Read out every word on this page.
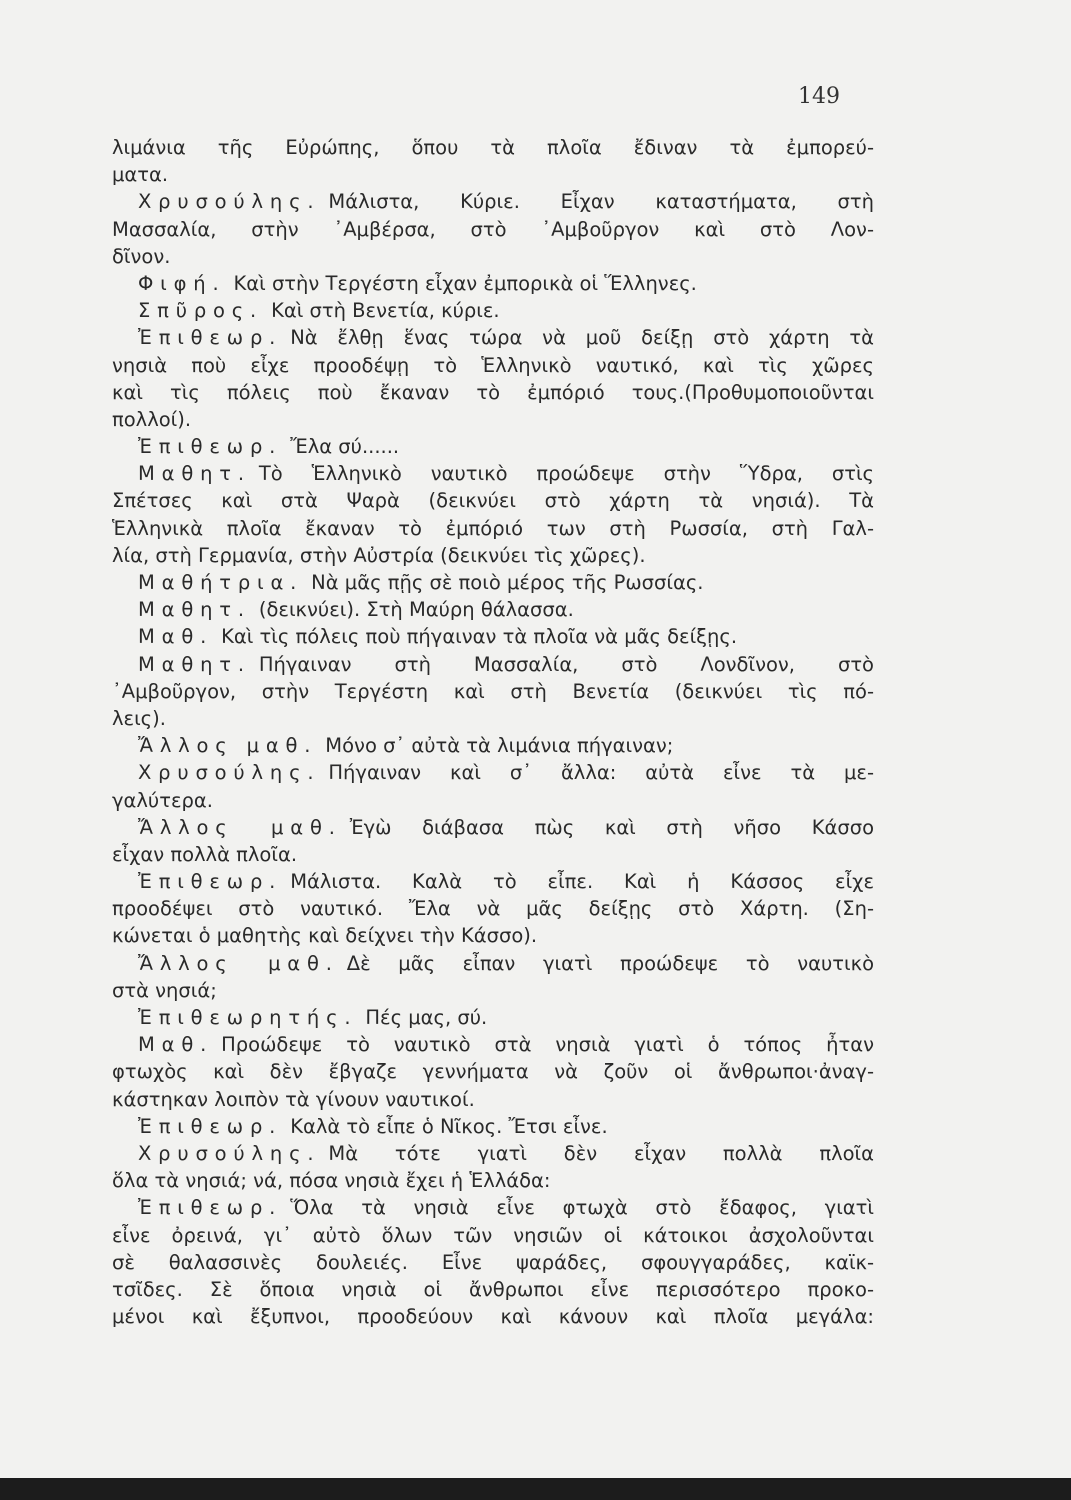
149
λιμάνια τῆς Εὐρώπης, ὅπου τὰ πλοῖα ἔδιναν τὰ ἐμπορεύ-
ματα.
Χρυσούλης. Μάλιστα, Κύριε. Εἶχαν καταστήματα, στὴ
Μασσαλία, στὴν ᾿Αμβέρσα, στὸ ᾿Αμβοῦργον καὶ στὸ Λον-
δῖνον.
Φιφή. Καὶ στὴν Τεργέστη εἶχαν ἐμπορικὰ οἱ Ἕλληνες.
Σπῦρος. Καὶ στὴ Βενετία, κύριε.
Ἐπιθεωρ. Νὰ ἔλθῃ ἕνας τώρα νὰ μοῦ δείξῃ στὸ χάρτη τὰ
νησιὰ ποὺ εἶχε προοδέψῃ τὸ Ἑλληνικὸ ναυτικό, καὶ τὶς χῶρες
καὶ τὶς πόλεις ποὺ ἔκαναν τὸ ἐμπόριό τους.(Προθυμοποιοῦνται
πολλοί).
Ἐπιθεωρ. Ἔλα σύ......
Μαθητ. Τὸ Ἑλληνικὸ ναυτικὸ προώδεψε στὴν Ὕδρα, στὶς
Σπέτσες καὶ στὰ Ψαρὰ (δεικνύει στὸ χάρτη τὰ νησιά). Τὰ
Ἑλληνικὰ πλοῖα ἔκαναν τὸ ἐμπόριό των στὴ Ρωσσία, στὴ Γαλ-
λία, στὴ Γερμανία, στὴν Αὐστρία (δεικνύει τὶς χῶρες).
Μαθήτρια. Νὰ μᾶς πῇς σὲ ποιὸ μέρος τῆς Ρωσσίας.
Μαθητ. (δεικνύει). Στὴ Μαύρη θάλασσα.
Μαθ. Καὶ τὶς πόλεις ποὺ πήγαιναν τὰ πλοῖα νὰ μᾶς δείξῃς.
Μαθητ. Πήγαιναν στὴ Μασσαλία, στὸ Λονδῖνον, στὸ
᾿Αμβοῦργον, στὴν Τεργέστη καὶ στὴ Βενετία (δεικνύει τὶς πό-
λεις).
Ἄλλος μαθ. Μόνο σ᾿ αὐτὰ τὰ λιμάνια πήγαιναν;
Χρυσούλης. Πήγαιναν καὶ σ᾿ ἄλλα: αὐτὰ εἶνε τὰ με-
γαλύτερα.
Ἄλλος μαθ. Ἐγὼ διάβασα πὼς καὶ στὴ νῆσο Κάσσο
εἶχαν πολλὰ πλοῖα.
Ἐπιθεωρ. Μάλιστα. Καλὰ τὸ εἶπε. Καὶ ἡ Κάσσος εἶχε
προοδέψει στὸ ναυτικό. Ἔλα νὰ μᾶς δείξῃς στὸ Χάρτη. (Ση-
κώνεται ὁ μαθητὴς καὶ δείχνει τὴν Κάσσο).
Ἄλλος μαθ. Δὲ μᾶς εἶπαν γιατὶ προώδεψε τὸ ναυτικὸ
στὰ νησιά;
Ἐπιθεωρητής. Πές μας, σύ.
Μαθ. Προώδεψε τὸ ναυτικὸ στὰ νησιὰ γιατὶ ὁ τόπος ἦταν
φτωχὸς καὶ δὲν ἔβγαζε γεννήματα νὰ ζοῦν οἱ ἄνθρωποι·ἀναγ-
κάστηκαν λοιπὸν τὰ γίνουν ναυτικοί.
Ἐπιθεωρ. Καλὰ τὸ εἶπε ὁ Νῖκος. Ἔτσι εἶνε.
Χρυσούλης. Μὰ τότε γιατὶ δὲν εἶχαν πολλὰ πλοῖα
ὅλα τὰ νησιά; νά, πόσα νησιὰ ἔχει ἡ Ἑλλάδα:
Ἐπιθεωρ. Ὅλα τὰ νησιὰ εἶνε φτωχὰ στὸ ἔδαφος, γιατὶ
εἶνε ὀρεινά, γι᾿ αὐτὸ ὅλων τῶν νησιῶν οἱ κάτοικοι ἀσχολοῦνται
σὲ θαλασσινὲς δουλειές. Εἶνε ψαράδες, σφουγγαράδες, καϊκ-
τσῖδες. Σὲ ὅποια νησιὰ οἱ ἄνθρωποι εἶνε περισσότερο προκο-
μένοι καὶ ἔξυπνοι, προοδεύουν καὶ κάνουν καὶ πλοῖα μεγάλα:
